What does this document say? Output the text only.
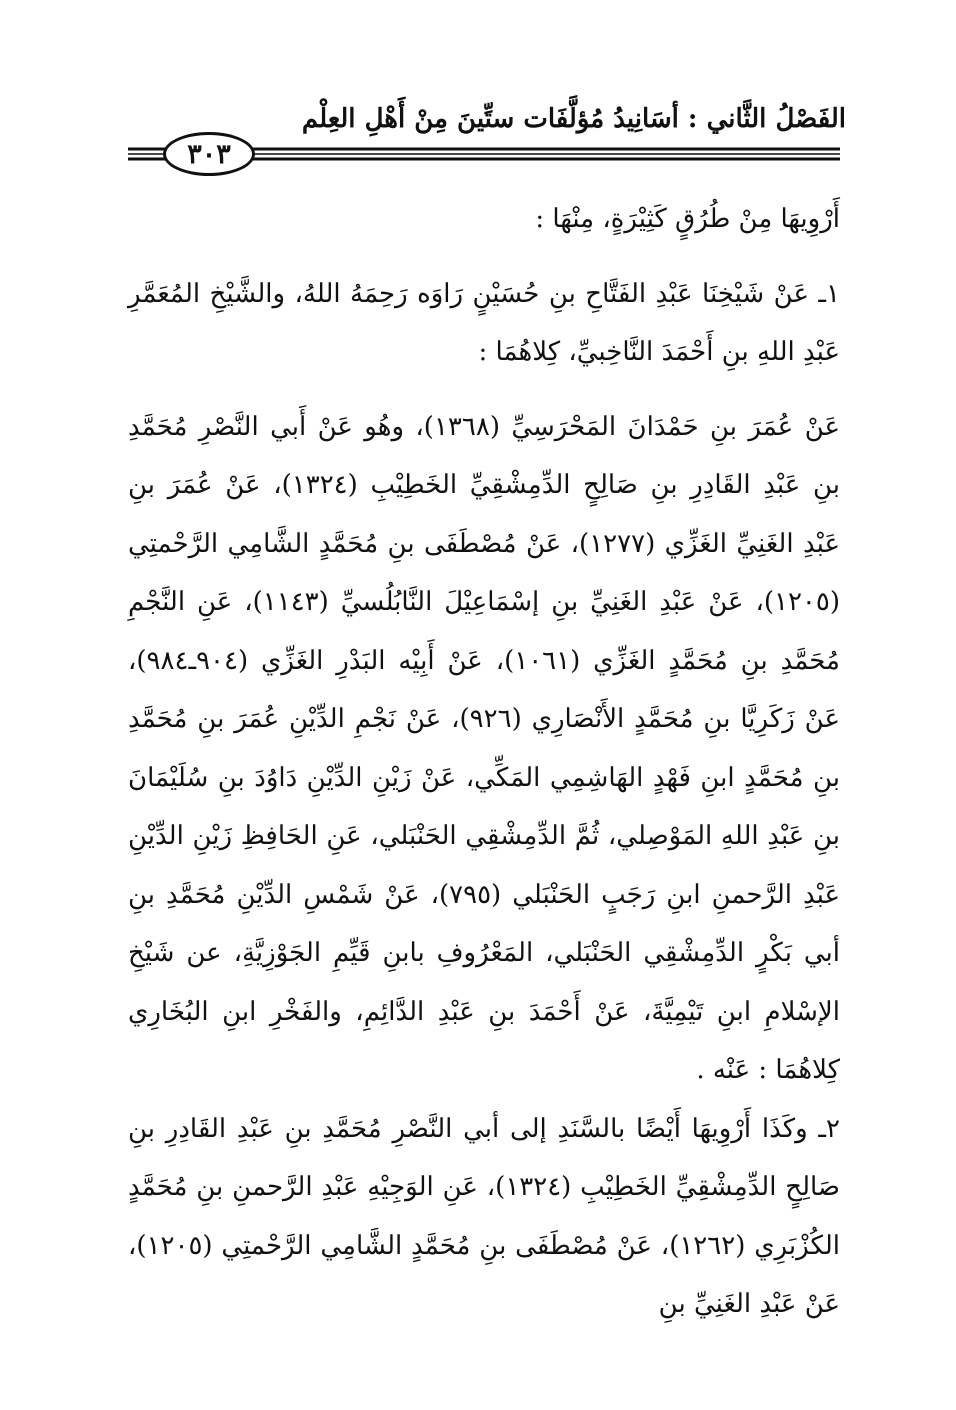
الفَصْلُ الثَّاني : أسَانِيدُ مُؤلَّفَات ستِّينَ مِنْ أَهْلِ العِلْم
٣٠٣

أَرْوِيهَا مِنْ طُرُقٍ كَثِيْرَةٍ، مِنْهَا :

١ـ عَنْ شَيْخِنَا عَبْدِ الفَتَّاحِ بنِ حُسَيْنٍ رَاوَه رَحِمَهُ اللهُ، والشَّيْخِ المُعَمَّرِ عَبْدِ اللهِ بنِ أَحْمَدَ النَّاخِبيِّ، كِلاهُمَا :

عَنْ عُمَرَ بنِ حَمْدَانَ المَحْرَسِيِّ (١٣٦٨)، وهُو عَنْ أَبي النَّصْرِ مُحَمَّدِ بنِ عَبْدِ القَادِرِ بنِ صَالِحٍ الدِّمِشْقِيِّ الخَطِيْبِ (١٣٢٤)، عَنْ عُمَرَ بنِ عَبْدِ الغَنِيِّ الغَزِّي (١٢٧٧)، عَنْ مُصْطَفَى بنِ مُحَمَّدٍ الشَّامِي الرَّحْمتِي (١٢٠٥)، عَنْ عَبْدِ الغَنِيِّ بنِ إسْمَاعِيْلَ النَّابُلُسيِّ (١١٤٣)، عَنِ النَّجْمِ مُحَمَّدِ بنِ مُحَمَّدٍ الغَزِّي (١٠٦١)، عَنْ أَبِيْه البَدْرِ الغَزِّي (٩٠٤ـ٩٨٤)، عَنْ زَكَرِيَّا بنِ مُحَمَّدٍ الأَنْصَارِي (٩٢٦)، عَنْ نَجْمِ الدِّيْنِ عُمَرَ بنِ مُحَمَّدِ بنِ مُحَمَّدٍ ابنِ فَهْدٍ الهَاشِمِي المَكِّي، عَنْ زَيْنِ الدِّيْنِ دَاوُدَ بنِ سُلَيْمَانَ بنِ عَبْدِ اللهِ المَوْصِلي، ثُمَّ الدِّمِشْقِي الحَنْبَلي، عَنِ الحَافِظِ زَيْنِ الدِّيْنِ عَبْدِ الرَّحمنِ ابنِ رَجَبٍ الحَنْبَلي (٧٩٥)، عَنْ شَمْسِ الدِّيْنِ مُحَمَّدِ بنِ أبي بَكْرٍ الدِّمِشْقِي الحَنْبَلي، المَعْرُوفِ بابنِ قَيِّمِ الجَوْزِيَّةِ، عن شَيْخِ الإسْلامِ ابنِ تَيْمِيَّةَ، عَنْ أَحْمَدَ بنِ عَبْدِ الدَّائِمِ، والفَخْرِ ابنِ البُخَارِي كِلاهُمَا : عَنْه .

٢ـ وكَذَا أَرْوِيهَا أَيْضًا بالسَّنَدِ إلى أبي النَّصْرِ مُحَمَّدِ بنِ عَبْدِ القَادِرِ بنِ صَالِحٍ الدِّمِشْقِيِّ الخَطِيْبِ (١٣٢٤)، عَنِ الوَجِيْهِ عَبْدِ الرَّحمنِ بنِ مُحَمَّدٍ الكُزْبَرِي (١٢٦٢)، عَنْ مُصْطَفَى بنِ مُحَمَّدٍ الشَّامِي الرَّحْمتِي (١٢٠٥)، عَنْ عَبْدِ الغَنِيِّ بنِ
